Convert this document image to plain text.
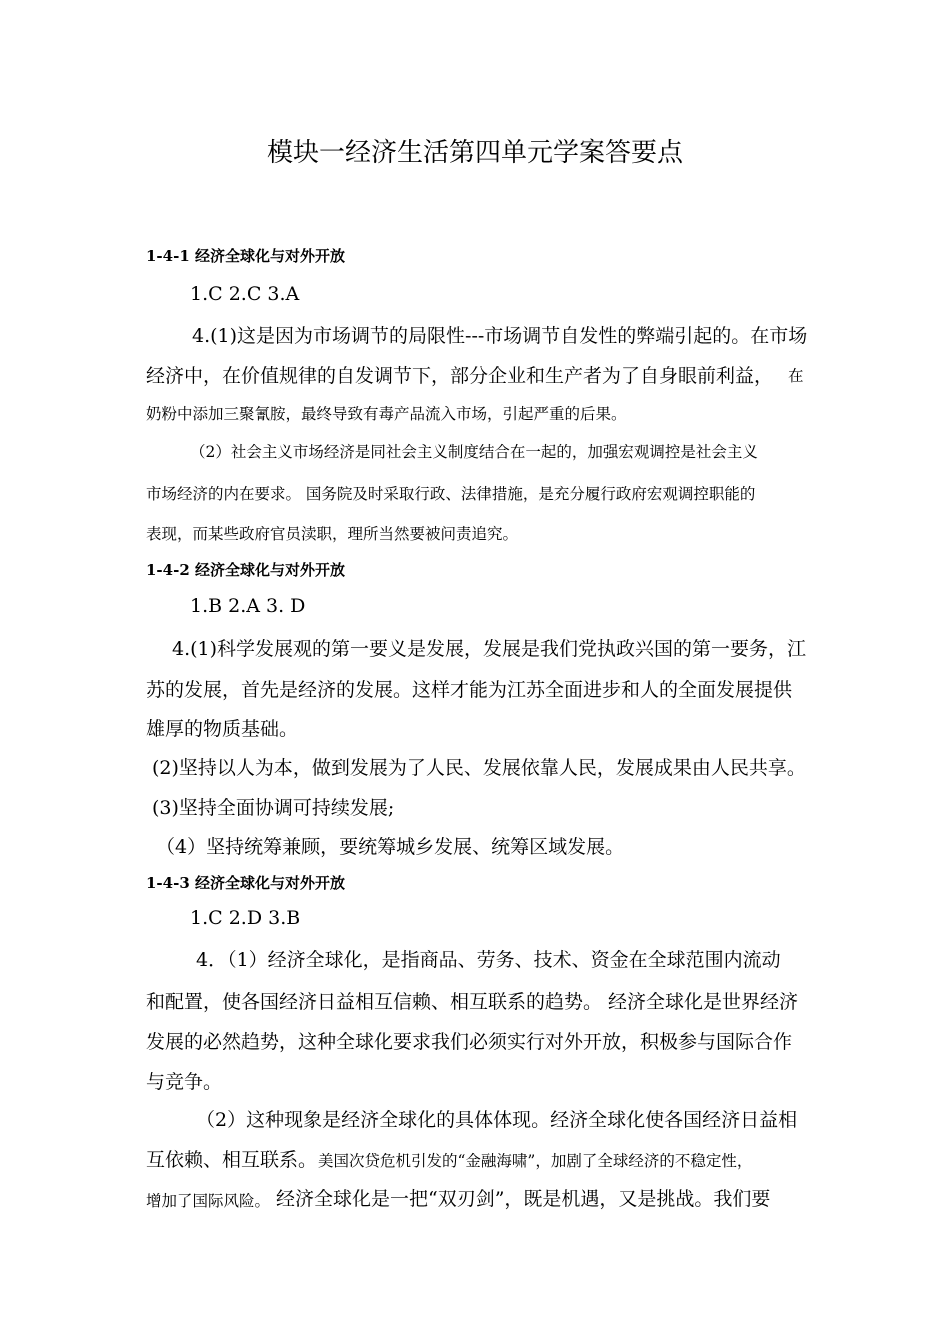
模块一经济生活第四单元学案答要点
1-4-1 经济全球化与对外开放
1.C 2.C 3.A
4.(1)这是因为市场调节的局限性---市场调节自发性的弊端引起的。在市场
经济中，在价值规律的自发调节下，部分企业和生产者为了自身眼前利益， 在
奶粉中添加三聚氰胺，最终导致有毒产品流入市场，引起严重的后果。
（2）社会主义市场经济是同社会主义制度结合在一起的，加强宏观调控是社会主义
市场经济的内在要求。 国务院及时采取行政、法律措施，是充分履行政府宏观调控职能的
表现，而某些政府官员渎职，理所当然要被问责追究。
1-4-2 经济全球化与对外开放
1.B 2.A 3. D
4.(1)科学发展观的第一要义是发展，发展是我们党执政兴国的第一要务，江
苏的发展，首先是经济的发展。这样才能为江苏全面进步和人的全面发展提供
雄厚的物质基础。
(2)坚持以人为本，做到发展为了人民、发展依靠人民，发展成果由人民共享。
(3)坚持全面协调可持续发展;
（4）坚持统筹兼顾，要统筹城乡发展、统筹区域发展。
1-4-3 经济全球化与对外开放
1.C 2.D 3.B
4．（1）经济全球化，是指商品、劳务、技术、资金在全球范围内流动
和配置，使各国经济日益相互信赖、相互联系的趋势。 经济全球化是世界经济
发展的必然趋势，这种全球化要求我们必须实行对外开放，积极参与国际合作
与竞争。
（2）这种现象是经济全球化的具体体现。经济全球化使各国经济日益相
互依赖、相互联系。 美国次贷危机引发的“金融海啸”，加剧了全球经济的不稳定性，
增加了国际风险。 经济全球化是一把“双刃剑”，既是机遇，又是挑战。我们要
